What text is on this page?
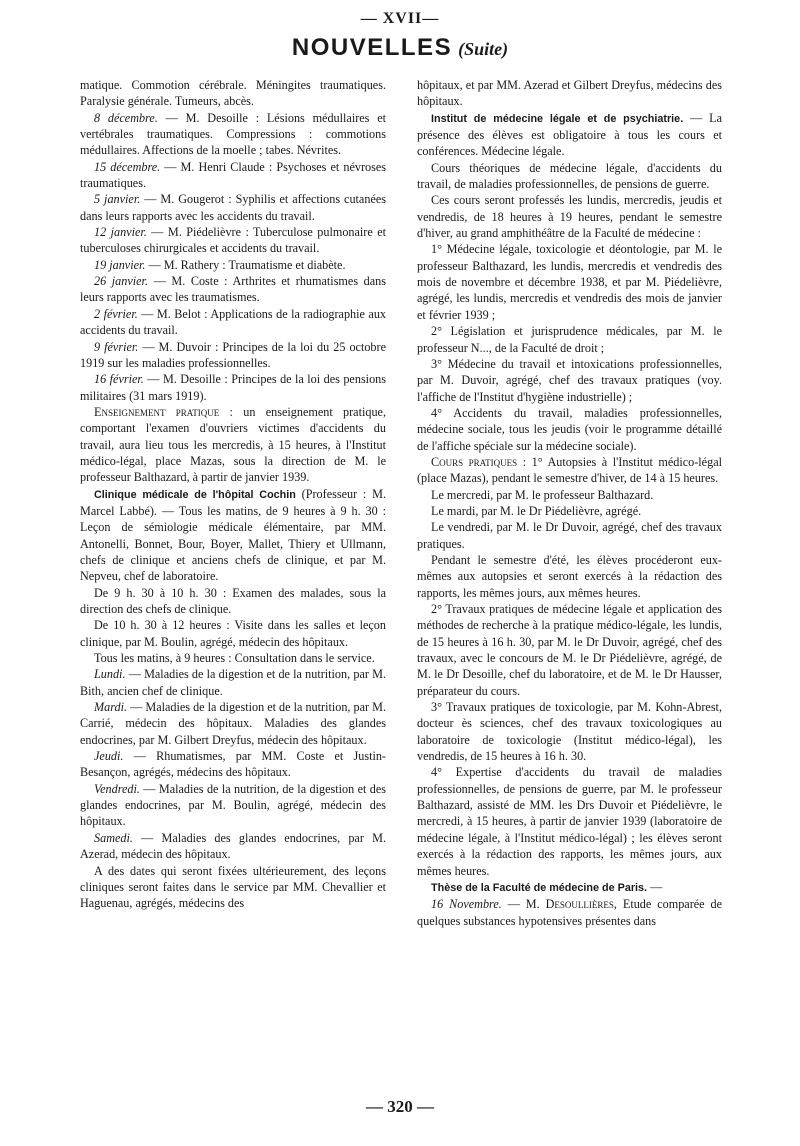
— XVII—
NOUVELLES (Suite)

matique. Commotion cérébrale. Méningites traumatiques. Paralysie générale. Tumeurs, abcès.

8 décembre. — M. Desoille : Lésions médullaires et vertébrales traumatiques. Compressions : commotions médullaires. Affections de la moelle ; tabes. Névrites.

15 décembre. — M. Henri Claude : Psychoses et névroses traumatiques.

5 janvier. — M. Gougerot : Syphilis et affections cutanées dans leurs rapports avec les accidents du travail.

12 janvier. — M. Piédelièvre : Tuberculose pulmonaire et tuberculoses chirurgicales et accidents du travail.

19 janvier. — M. Rathery : Traumatisme et diabète.

26 janvier. — M. Coste : Arthrites et rhumatismes dans leurs rapports avec les traumatismes.

2 février. — M. Belot : Applications de la radiographie aux accidents du travail.

9 février. — M. Duvoir : Principes de la loi du 25 octobre 1919 sur les maladies professionnelles.

16 février. — M. Desoille : Principes de la loi des pensions militaires (31 mars 1919).

Enseignement pratique : un enseignement pratique, comportant l'examen d'ouvriers victimes d'accidents du travail, aura lieu tous les mercredis, à 15 heures, à l'Institut médico-légal, place Mazas, sous la direction de M. le professeur Balthazard, à partir de janvier 1939.

Clinique médicale de l'hôpital Cochin (Professeur : M. Marcel Labbé). — Tous les matins, de 9 heures à 9 h. 30 : Leçon de sémiologie médicale élémentaire, par MM. Antonelli, Bonnet, Bour, Boyer, Mallet, Thiery et Ullmann, chefs de clinique et anciens chefs de clinique, et par M. Nepveu, chef de laboratoire.

De 9 h. 30 à 10 h. 30 : Examen des malades, sous la direction des chefs de clinique.

De 10 h. 30 à 12 heures : Visite dans les salles et leçon clinique, par M. Boulin, agrégé, médecin des hôpitaux.

Tous les matins, à 9 heures : Consultation dans le service.

Lundi. — Maladies de la digestion et de la nutrition, par M. Bith, ancien chef de clinique.

Mardi. — Maladies de la digestion et de la nutrition, par M. Carrié, médecin des hôpitaux. Maladies des glandes endocrines, par M. Gilbert Dreyfus, médecin des hôpitaux.

Jeudi. — Rhumatismes, par MM. Coste et Justin-Besançon, agrégés, médecins des hôpitaux.

Vendredi. — Maladies de la nutrition, de la digestion et des glandes endocrines, par M. Boulin, agrégé, médecin des hôpitaux.

Samedi. — Maladies des glandes endocrines, par M. Azerad, médecin des hôpitaux.

A des dates qui seront fixées ultérieurement, des leçons cliniques seront faites dans le service par MM. Chevallier et Haguenau, agrégés, médecins des

hôpitaux, et par MM. Azerad et Gilbert Dreyfus, médecins des hôpitaux.

Institut de médecine légale et de psychiatrie. — La présence des élèves est obligatoire à tous les cours et conférences. Médecine légale.

Cours théoriques de médecine légale, d'accidents du travail, de maladies professionnelles, de pensions de guerre.

Ces cours seront professés les lundis, mercredis, jeudis et vendredis, de 18 heures à 19 heures, pendant le semestre d'hiver, au grand amphithéâtre de la Faculté de médecine :

1° Médecine légale, toxicologie et déontologie, par M. le professeur Balthazard, les lundis, mercredis et vendredis des mois de novembre et décembre 1938, et par M. Piédelièvre, agrégé, les lundis, mercredis et vendredis des mois de janvier et février 1939 ;

2° Législation et jurisprudence médicales, par M. le professeur N..., de la Faculté de droit ;

3° Médecine du travail et intoxications professionnelles, par M. Duvoir, agrégé, chef des travaux pratiques (voy. l'affiche de l'Institut d'hygiène industrielle) ;

4° Accidents du travail, maladies professionnelles, médecine sociale, tous les jeudis (voir le programme détaillé de l'affiche spéciale sur la médecine sociale).

Cours pratiques : 1° Autopsies à l'Institut médico-légal (place Mazas), pendant le semestre d'hiver, de 14 à 15 heures.

Le mercredi, par M. le professeur Balthazard.

Le mardi, par M. le Dr Piédelièvre, agrégé.

Le vendredi, par M. le Dr Duvoir, agrégé, chef des travaux pratiques.

Pendant le semestre d'été, les élèves procéderont eux-mêmes aux autopsies et seront exercés à la rédaction des rapports, les mêmes jours, aux mêmes heures.

2° Travaux pratiques de médecine légale et application des méthodes de recherche à la pratique médico-légale, les lundis, de 15 heures à 16 h. 30, par M. le Dr Duvoir, agrégé, chef des travaux, avec le concours de M. le Dr Piédelièvre, agrégé, de M. le Dr Desoille, chef du laboratoire, et de M. le Dr Hausser, préparateur du cours.

3° Travaux pratiques de toxicologie, par M. Kohn-Abrest, docteur ès sciences, chef des travaux toxicologiques au laboratoire de toxicologie (Institut médico-légal), les vendredis, de 15 heures à 16 h. 30.

4° Expertise d'accidents du travail de maladies professionnelles, de pensions de guerre, par M. le professeur Balthazard, assisté de MM. les Drs Duvoir et Piédelièvre, le mercredi, à 15 heures, à partir de janvier 1939 (laboratoire de médecine légale, à l'Institut médico-légal) ; les élèves seront exercés à la rédaction des rapports, les mêmes jours, aux mêmes heures.

Thèse de la Faculté de médecine de Paris. —

16 Novembre. — M. Desoullières, Etude comparée de quelques substances hypotensives présentes dans

— 320 —
